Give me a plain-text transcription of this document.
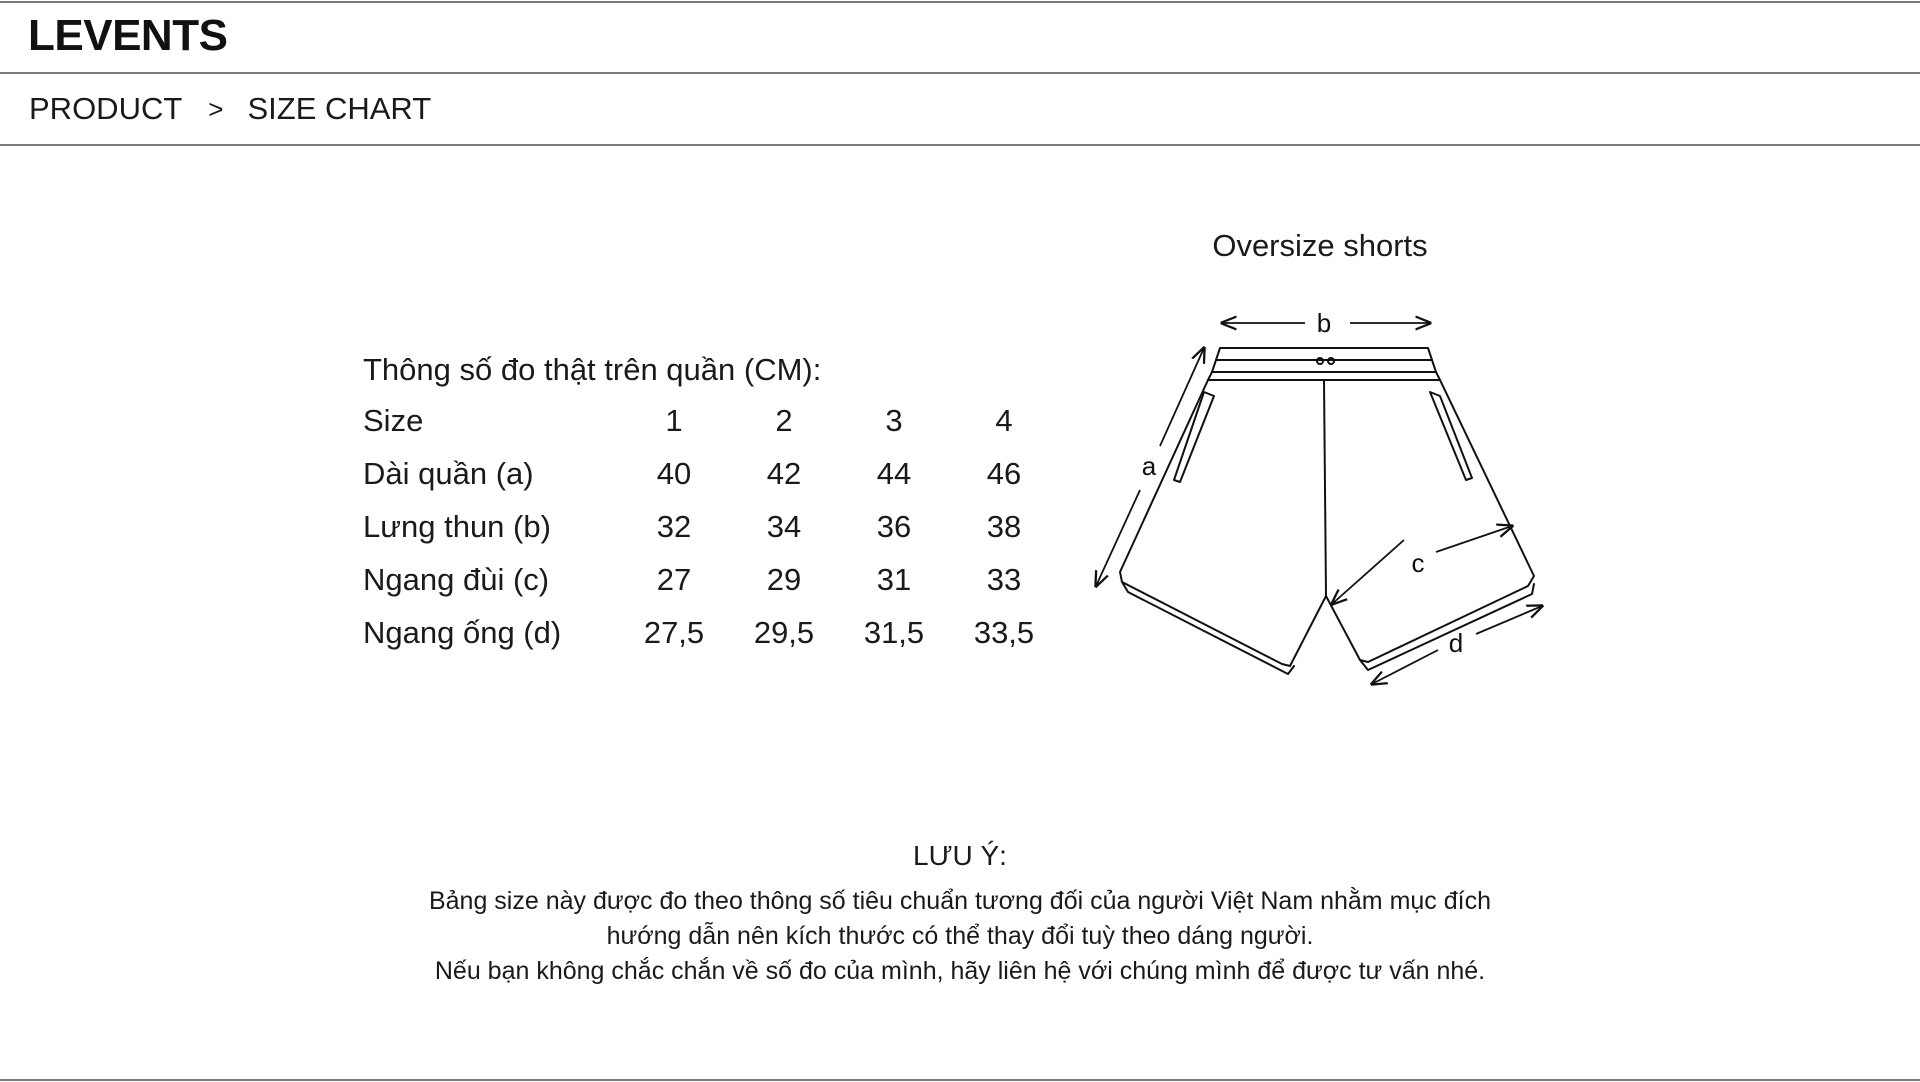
LEVENTS
PRODUCT > SIZE CHART
Thông số đo thật trên quần (CM):
Size	1	2	3	4
Dài quần (a)	40	42	44	46
Lưng thun (b)	32	34	36	38
Ngang đùi (c)	27	29	31	33
Ngang ống (d)	27,5	29,5	31,5	33,5
Oversize shorts
b
a
c
d
LƯU Ý:
Bảng size này được đo theo thông số tiêu chuẩn tương đối của người Việt Nam nhằm mục đích
hướng dẫn nên kích thước có thể thay đổi tuỳ theo dáng người.
Nếu bạn không chắc chắn về số đo của mình, hãy liên hệ với chúng mình để được tư vấn nhé.
